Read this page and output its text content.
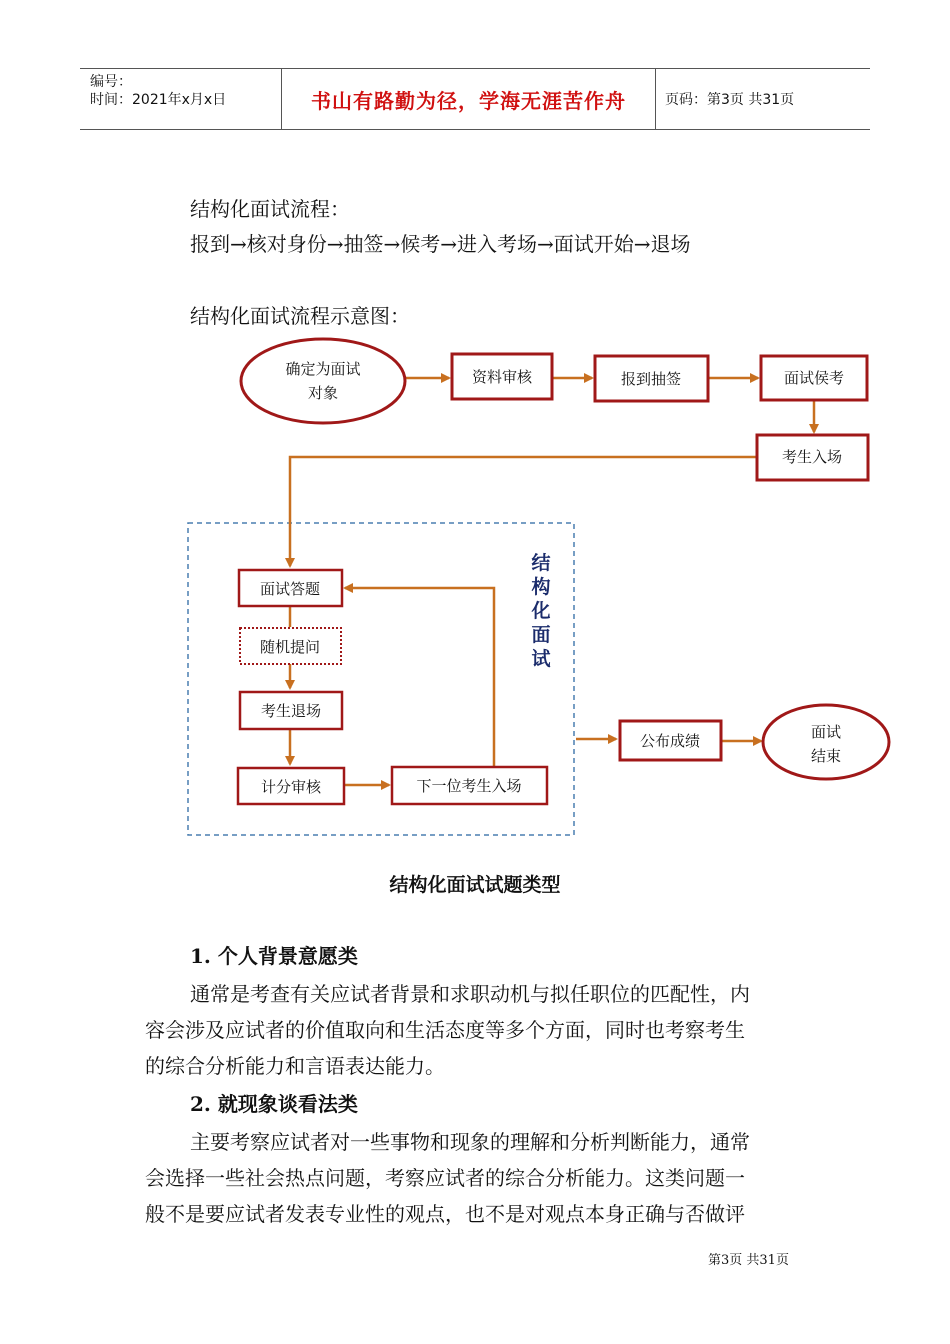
编号：
时间：2021年x月x日	书山有路勤为径，学海无涯苦作舟	页码：第3页 共31页
结构化面试流程：
报到→核对身份→抽签→候考→进入考场→面试开始→退场
结构化面试流程示意图：
确定为面试
对象
资料审核	报到抽签	面试侯考
考生入场
面试答题
随机提问
考生退场
计分审核	下一位考生入场
结
构
化
面
试
公布成绩	面试
结束
结构化面试试题类型
1. 个人背景意愿类
通常是考查有关应试者背景和求职动机与拟任职位的匹配性，内
容会涉及应试者的价值取向和生活态度等多个方面，同时也考察考生
的综合分析能力和言语表达能力。
2. 就现象谈看法类
主要考察应试者对一些事物和现象的理解和分析判断能力，通常
会选择一些社会热点问题，考察应试者的综合分析能力。这类问题一
般不是要应试者发表专业性的观点，也不是对观点本身正确与否做评
第3页 共31页
